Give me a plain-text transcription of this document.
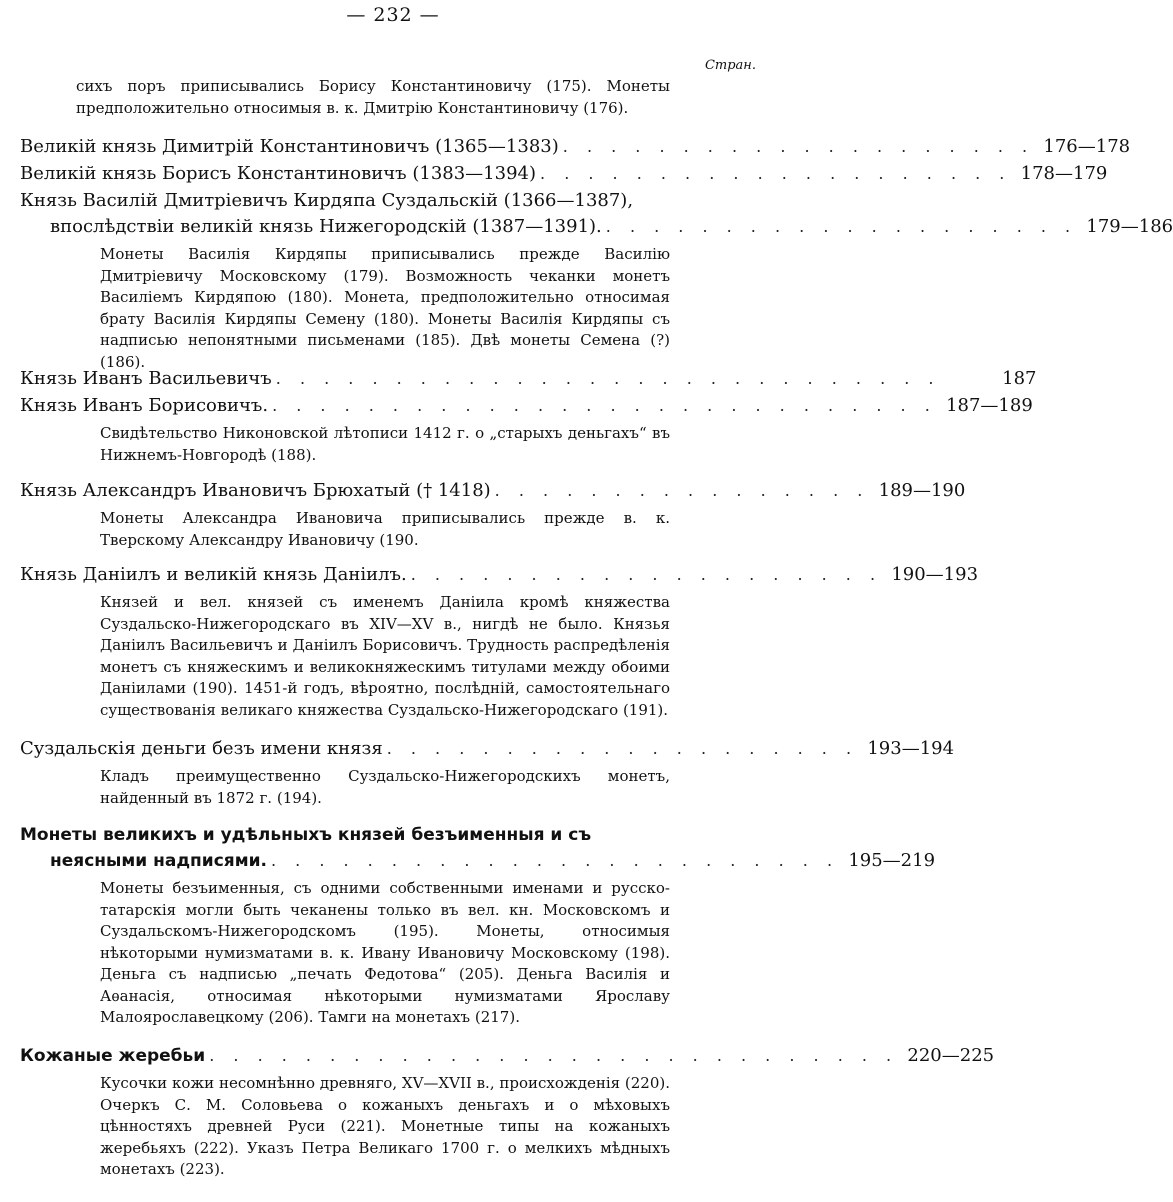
— 232 —
Стран.
сихъ поръ приписывались Борису Константиновичу (175). Монеты предположительно относимыя в. к. Дмитрію Константиновичу (176).
Великій князь Димитрій Константиновичъ (1365—1383) . . . . . . . . . . . . . . . . . . . . 176—178
Великій князь Борисъ Константиновичъ (1383—1394) . . . . . . . . . . . . . . . . . . . . 178—179
Князь Василій Дмитріевичъ Кирдяпа Суздальскій (1366—1387),
впослѣдствіи великій князь Нижегородскій (1387—1391). . . . . . . . . . . . . . . . . . . . . 179—186
Монеты Василія Кирдяпы приписывались прежде Василію Дмитріевичу Московскому (179). Возможность чеканки монетъ Василіемъ Кирдяпою (180). Монета, предположительно относимая брату Василія Кирдяпы Семену (180). Монеты Василія Кирдяпы съ надписью непонятными письменами (185). Двѣ монеты Семена (?) (186).
Князь Иванъ Васильевичъ . . . . . . . . . . . . . . . . . . . . . . . . . . . .	187
Князь Иванъ Борисовичъ. . . . . . . . . . . . . . . . . . . . . . . . . . . . . 187—189
Свидѣтельство Никоновской лѣтописи 1412 г. о „старыхъ деньгахъ“ въ Нижнемъ-Новгородѣ (188).
Князь Александръ Ивановичъ Брюхатый († 1418) . . . . . . . . . . . . . . . . 189—190
Монеты Александра Ивановича приписывались прежде в. к. Тверскому Александру Ивановичу (190.
Князь Даніилъ и великій князь Даніилъ. . . . . . . . . . . . . . . . . . . . . 190—193
Князей и вел. князей съ именемъ Даніила кромѣ княжества Суздальско-Нижегородскаго въ XIV—XV в., нигдѣ не было. Князья Даніилъ Васильевичъ и Даніилъ Борисовичъ. Трудность распредѣленія монетъ съ княжескимъ и великокняжескимъ титулами между обоими Даніилами (190). 1451-й годъ, вѣроятно, послѣдній, самостоятельнаго существованія великаго княжества Суздальско-Нижегородскаго (191).
Суздальскія деньги безъ имени князя . . . . . . . . . . . . . . . . . . . . 193—194
Кладъ преимущественно Суздальско-Нижегородскихъ монетъ, найденный въ 1872 г. (194).
Монеты великихъ и удѣльныхъ князей безъименныя и съ
неясными надписями. . . . . . . . . . . . . . . . . . . . . . . . . 195—219
Монеты безъименныя, съ одними собственными именами и русско-татарскія могли быть чеканены только въ вел. кн. Московскомъ и Суздальскомъ-Нижегородскомъ (195). Монеты, относимыя нѣкоторыми нумизматами в. к. Ивану Ивановичу Московскому (198). Деньга съ надписью „печать Федотова“ (205). Деньга Василія и Аѳанасія, относимая нѣкоторыми нумизматами Ярославу Малоярославецкому (206). Тамги на монетахъ (217).
Кожаные жеребьи . . . . . . . . . . . . . . . . . . . . . . . . . . . . . 220—225
Кусочки кожи несомнѣнно древняго, XV—XVII в., происхожденія (220). Очеркъ С. М. Соловьева о кожаныхъ деньгахъ и о мѣховыхъ цѣнностяхъ древней Руси (221). Монетные типы на кожаныхъ жеребьяхъ (222). Указъ Петра Великаго 1700 г. о мелкихъ мѣдныхъ монетахъ (223).
